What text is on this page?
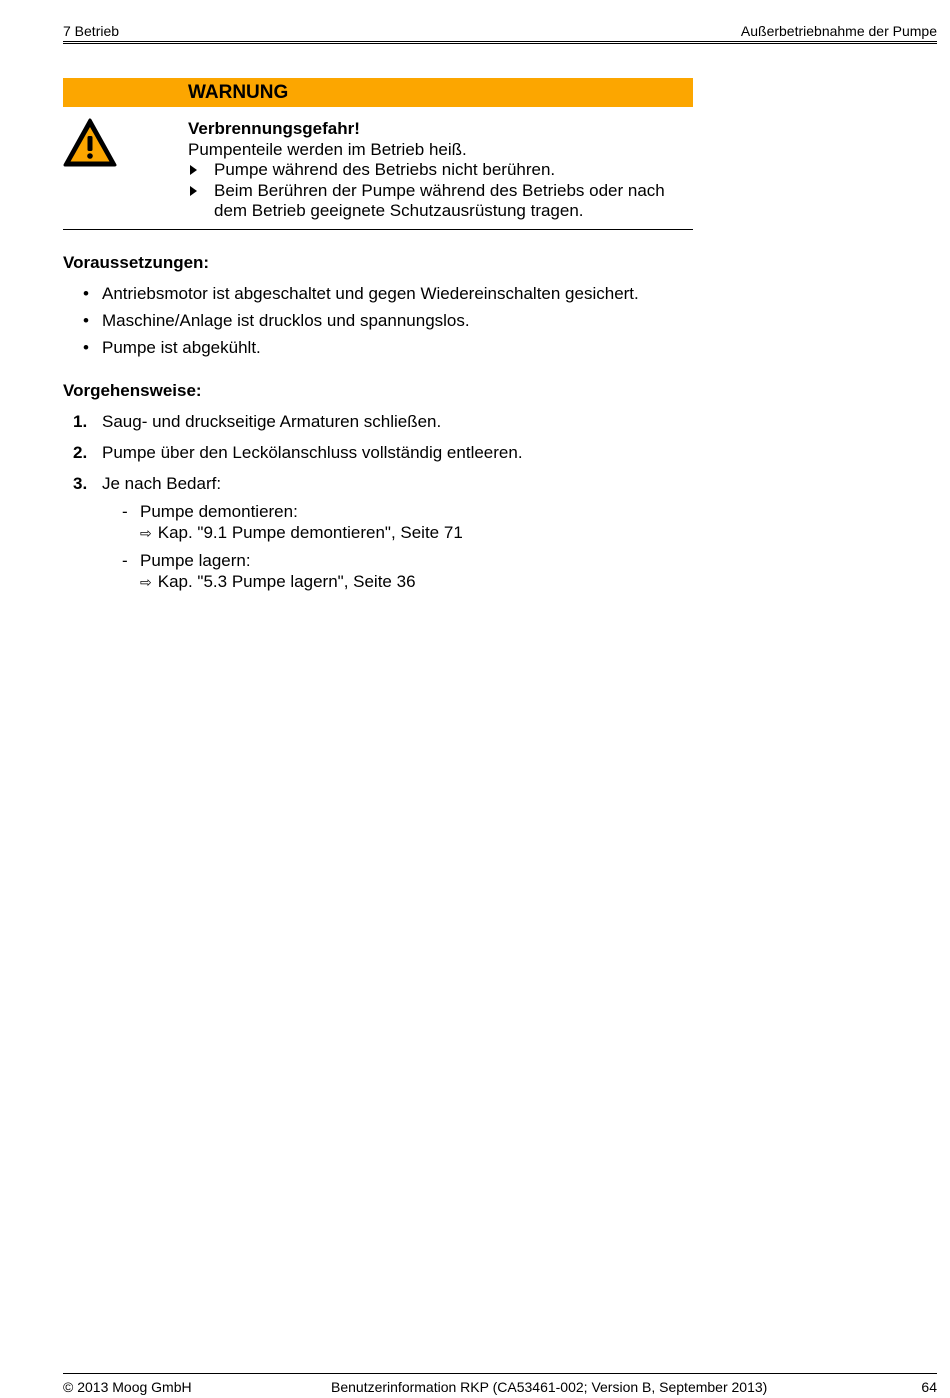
7 Betrieb	Außerbetriebnahme der Pumpe
WARNUNG
Verbrennungsgefahr!
Pumpenteile werden im Betrieb heiß.
Pumpe während des Betriebs nicht berühren.
Beim Berühren der Pumpe während des Betriebs oder nach
dem Betrieb geeignete Schutzausrüstung tragen.
Voraussetzungen:
• Antriebsmotor ist abgeschaltet und gegen Wiedereinschalten gesichert.
• Maschine/Anlage ist drucklos und spannungslos.
• Pumpe ist abgekühlt.
Vorgehensweise:
1. Saug- und druckseitige Armaturen schließen.
2. Pumpe über den Leckölanschluss vollständig entleeren.
3. Je nach Bedarf:
- Pumpe demontieren:
⇨ Kap. "9.1 Pumpe demontieren", Seite 71
- Pumpe lagern:
⇨ Kap. "5.3 Pumpe lagern", Seite 36
© 2013 Moog GmbH	Benutzerinformation RKP (CA53461-002; Version B, September 2013)	64
